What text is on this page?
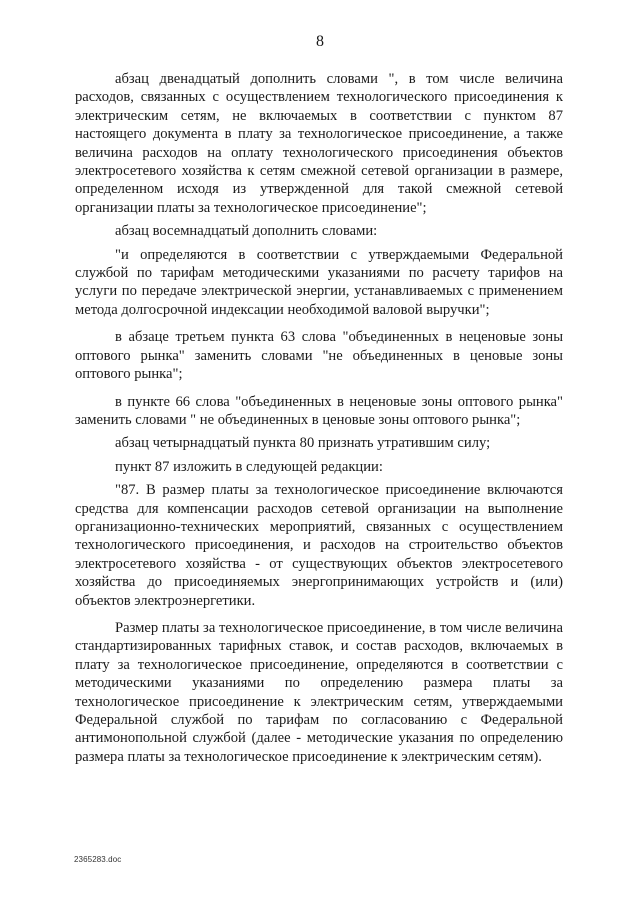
8

абзац двенадцатый дополнить словами ", в том числе величина расходов, связанных с осуществлением технологического присоединения к электрическим сетям, не включаемых в соответствии с пунктом 87 настоящего документа в плату за технологическое присоединение, а также величина расходов на оплату технологического присоединения объектов электросетевого хозяйства к сетям смежной сетевой организации в размере, определенном исходя из утвержденной для такой смежной сетевой организации платы за технологическое присоединение";

абзац восемнадцатый дополнить словами:

"и определяются в соответствии с утверждаемыми Федеральной службой по тарифам методическими указаниями по расчету тарифов на услуги по передаче электрической энергии, устанавливаемых с применением метода долгосрочной индексации необходимой валовой выручки";

в абзаце третьем пункта 63 слова "объединенных в неценовые зоны оптового рынка" заменить словами "не объединенных в ценовые зоны оптового рынка";

в пункте 66 слова "объединенных в неценовые зоны оптового рынка" заменить словами " не объединенных в ценовые зоны оптового рынка";

абзац четырнадцатый пункта 80 признать утратившим силу;

пункт 87 изложить в следующей редакции:

"87. В размер платы за технологическое присоединение включаются средства для компенсации расходов сетевой организации на выполнение организационно-технических мероприятий, связанных с осуществлением технологического присоединения, и расходов на строительство объектов электросетевого хозяйства - от существующих объектов электросетевого хозяйства до присоединяемых энергопринимающих устройств и (или) объектов электроэнергетики.

Размер платы за технологическое присоединение, в том числе величина стандартизированных тарифных ставок, и состав расходов, включаемых в плату за технологическое присоединение, определяются в соответствии с методическими указаниями по определению размера платы за технологическое присоединение к электрическим сетям, утверждаемыми Федеральной службой по тарифам по согласованию с Федеральной антимонопольной службой (далее - методические указания по определению размера платы за технологическое присоединение к электрическим сетям).

2365283.doc
